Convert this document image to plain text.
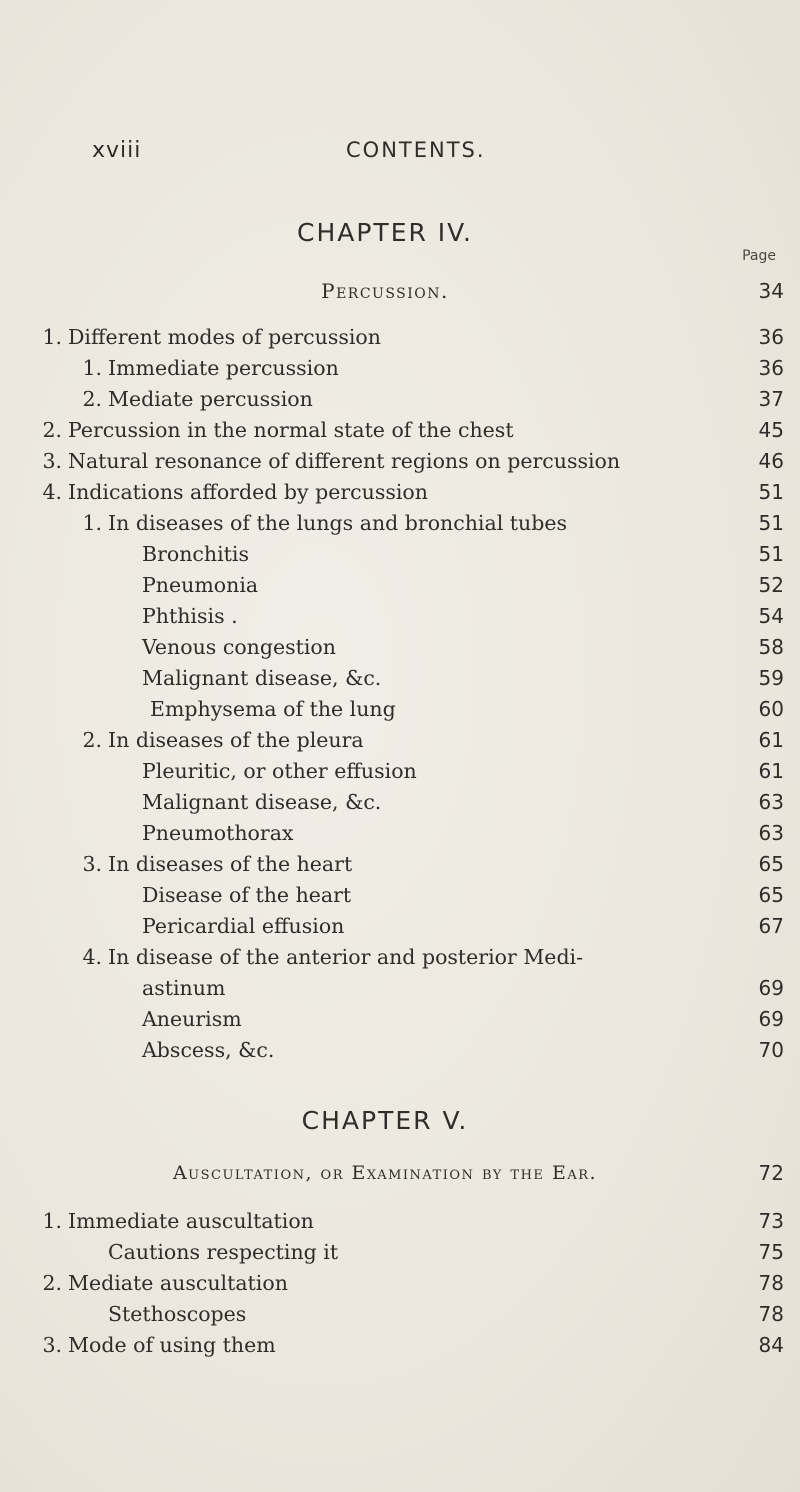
xviii	CONTENTS.
CHAPTER IV.
Page
Percussion.	34
1. Different modes of percussion	36
1. Immediate percussion	36
2. Mediate percussion	37
2. Percussion in the normal state of the chest	45
3. Natural resonance of different regions on percussion	46
4. Indications afforded by percussion	51
1. In diseases of the lungs and bronchial tubes	51
Bronchitis	51
Pneumonia	52
Phthisis .	54
Venous congestion	58
Malignant disease, &c.	59
Emphysema of the lung	60
2. In diseases of the pleura	61
Pleuritic, or other effusion	61
Malignant disease, &c.	63
Pneumothorax	63
3. In diseases of the heart	65
Disease of the heart	65
Pericardial effusion	67
4. In disease of the anterior and posterior Medi-
astinum	69
Aneurism	69
Abscess, &c.	70
CHAPTER V.
Auscultation, or Examination by the Ear.	72
1. Immediate auscultation	73
Cautions respecting it	75
2. Mediate auscultation	78
Stethoscopes	78
3. Mode of using them	84
